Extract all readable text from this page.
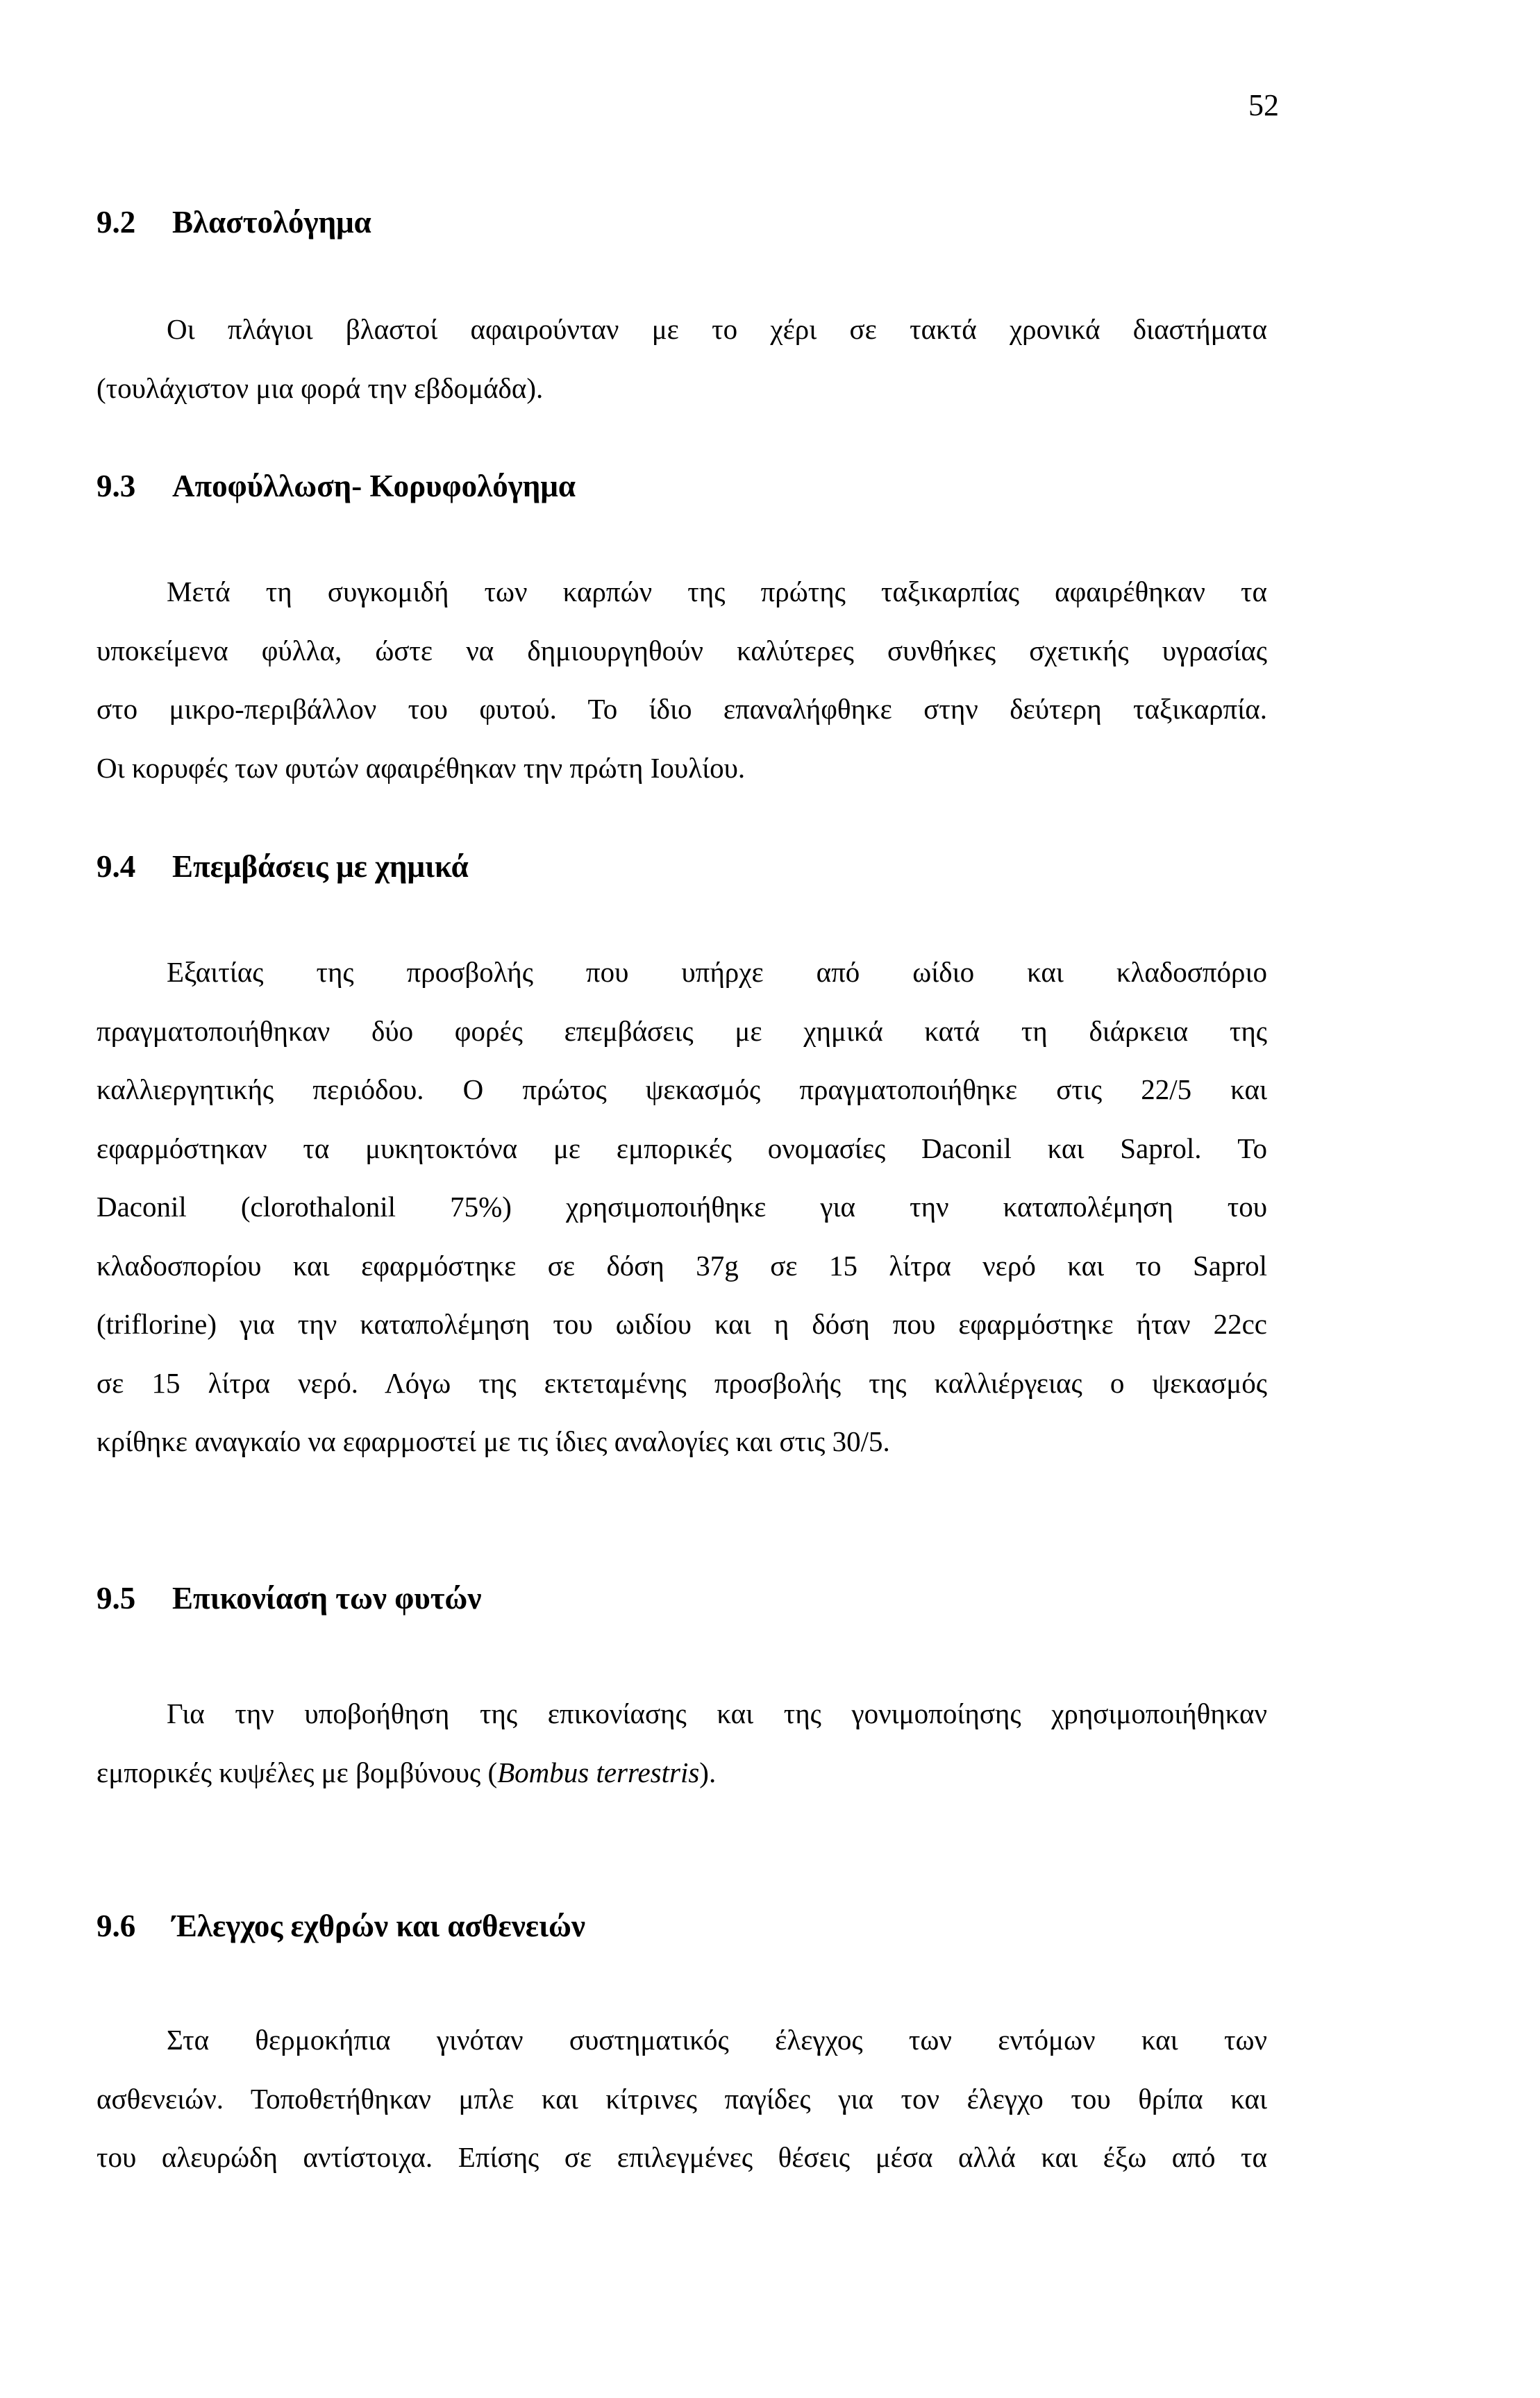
52
9.2 Βλαστολόγημα
Οι πλάγιοι βλαστοί αφαιρούνταν με το χέρι σε τακτά χρονικά διαστήματα
(τουλάχιστον μια φορά την εβδομάδα).
9.3 Αποφύλλωση- Κορυφολόγημα
Μετά τη συγκομιδή των καρπών της πρώτης ταξικαρπίας αφαιρέθηκαν τα
υποκείμενα φύλλα, ώστε να δημιουργηθούν καλύτερες συνθήκες σχετικής υγρασίας
στο μικρο-περιβάλλον του φυτού. Το ίδιο επαναλήφθηκε στην δεύτερη ταξικαρπία.
Οι κορυφές των φυτών αφαιρέθηκαν την πρώτη Ιουλίου.
9.4 Επεμβάσεις με χημικά
Εξαιτίας της προσβολής που υπήρχε από ωίδιο και κλαδοσπόριο
πραγματοποιήθηκαν δύο φορές επεμβάσεις με χημικά κατά τη διάρκεια της
καλλιεργητικής περιόδου. Ο πρώτος ψεκασμός πραγματοποιήθηκε στις 22/5 και
εφαρμόστηκαν τα μυκητοκτόνα με εμπορικές ονομασίες Daconil και Saprol. Το
Daconil (clorothalonil 75%) χρησιμοποιήθηκε για την καταπολέμηση του
κλαδοσπορίου και εφαρμόστηκε σε δόση 37g σε 15 λίτρα νερό και το Saprol
(triflorine) για την καταπολέμηση του ωιδίου και η δόση που εφαρμόστηκε ήταν 22cc
σε 15 λίτρα νερό. Λόγω της εκτεταμένης προσβολής της καλλιέργειας ο ψεκασμός
κρίθηκε αναγκαίο να εφαρμοστεί με τις ίδιες αναλογίες και στις 30/5.
9.5 Επικονίαση των φυτών
Για την υποβοήθηση της επικονίασης και της γονιμοποίησης χρησιμοποιήθηκαν
εμπορικές κυψέλες με βομβύνους (Bombus terrestris).
9.6 Έλεγχος εχθρών και ασθενειών
Στα θερμοκήπια γινόταν συστηματικός έλεγχος των εντόμων και των
ασθενειών. Τοποθετήθηκαν μπλε και κίτρινες παγίδες για τον έλεγχο του θρίπα και
του αλευρώδη αντίστοιχα. Επίσης σε επιλεγμένες θέσεις μέσα αλλά και έξω από τα
